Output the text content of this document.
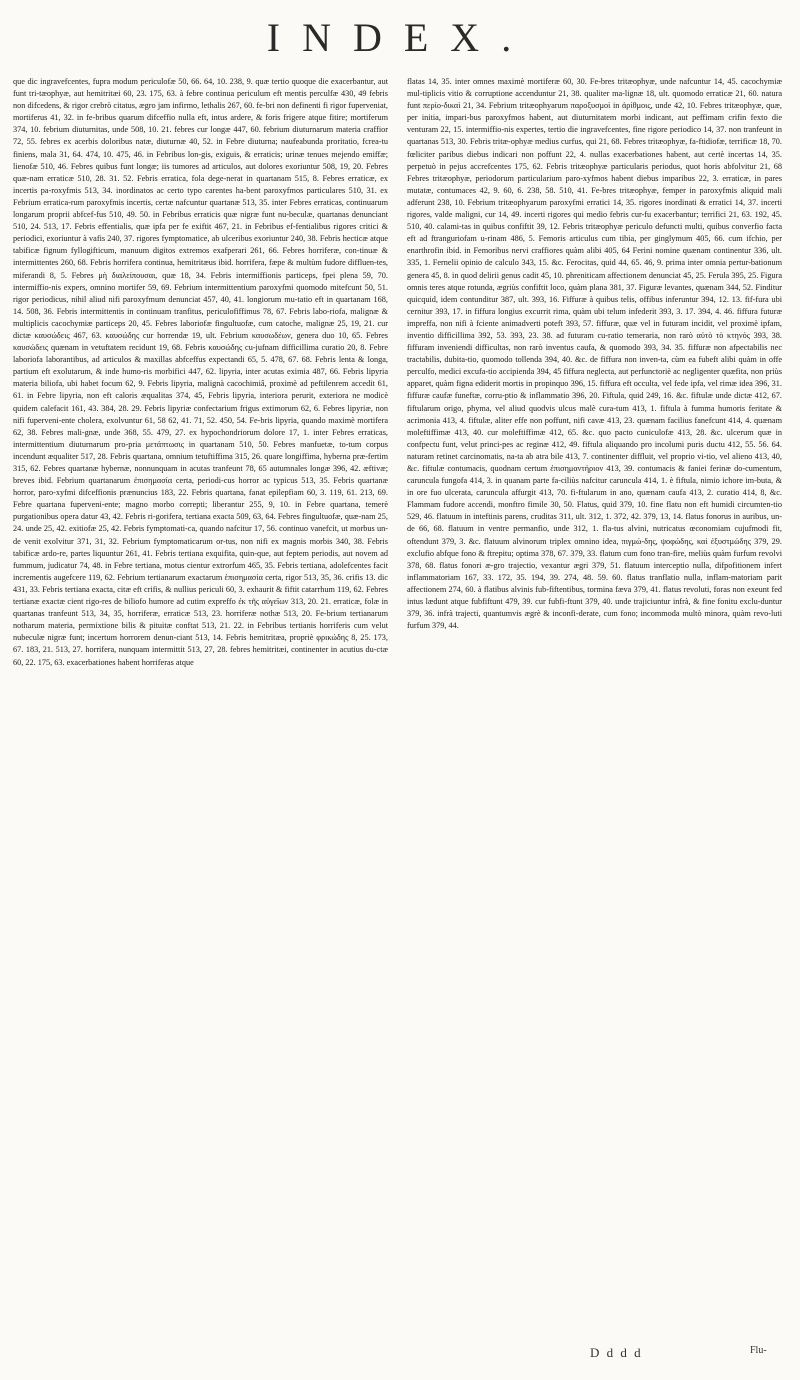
INDEX.

que dic ingravefcentes, fupra modum periculofæ 50, 66. 64, 10. 238, 9. quæ tertio quoque die exacerbantur, aut funt tri-tæophyæ, aut hemitritæi 60, 23. 175, 63. à febre continua periculum eft mentis perculfæ 430, 49 febris non difcedens, & rigor crebrò citatus, ægro jam infirmo, lethalis 267, 60. fe-bri non definenti fi rigor fuperveniat, mortiferus 41, 32. in fe-bribus quarum difceffio nulla eft, intus ardere, & foris frigere atque fitire; mortiferum 374, 10. febrium diuturnitas, unde 508, 10. 21. febres cur longæ 447, 60. febrium diuturnarum materia craffior 72, 55. febres ex acerbis doloribus natæ, diuturnæ 40, 52. in Febre diuturna; naufeabunda proritatio, fcrea-tu finiens, mala 31, 64. 474, 10. 475, 46. in Febribus lon-gis, exiguis, & erraticis; urinæ tenues mejendo emiffæ; lienofæ 510, 46. Febres quibus funt longæ; iis tumores ad articulos, aut dolores exoriuntur 508, 19, 20. Febres quæ-nam erraticæ 510, 28. 31. 52. Febris erratica, fola dege-nerat in quartanam 515, 8. Febres erraticæ, ex incertis pa-roxyfmis 513, 34. inordinatos ac certo typo carentes ha-bent paroxyfmos particulares 510, 31. ex Febrium erratica-rum paroxyfmis incertis, certæ nafcuntur quartanæ 513, 35. inter Febres erraticas, continuarum longarum proprii abfcef-fus 510, 49. 50. in Febribus erraticis quæ nigræ funt nu-beculæ, quartanas denunciant 510, 24. 513, 17. Febris effentialis, quæ ipfa per fe exiftit 467, 21. in Febribus ef-fentialibus rigores critici & periodici, exoriuntur à vafis 240, 37. rigores fymptomatice, ab ulceribus exoriuntur 240, 38. Febris hecticæ atque tabificæ fignum fyllogifticum, manuum digitos extremos exafperari 261, 66. Febres horriferæ, con-tinuæ & intermittentes 260, 68. Febris horrifera continua, hemitritæus ibid. horrifera, fæpe & multùm fudore diffluen-tes, miferandi 8, 5. Febres μὴ διαλείπουσαι, quæ 18, 34. Febris intermiffionis particeps, fpei plena 59, 70. intermiffio-nis expers, omnino mortifer 59, 69. Febrium intermittentium paroxyfmi quomodo mitefcunt 50, 51. rigor periodicus, nihil aliud nifi paroxyfmum denunciat 457, 40, 41. longiorum mu-tatio eft in quartanam 168, 14. 508, 36. Febris intermittentis in continuam tranfitus, periculofiffimus 78, 67. Febris labo-riofa, malignæ & multiplicis cacochymiæ particeps 20, 45. Febres laboriofæ fingultuofæ, cum catoche, malignæ 25, 19, 21. cur dictæ καυσώδεις 467, 63. καυσώδης cur horrendæ 19, ult. Febrium καυσωδέων, genera duo 10, 65. Febres καυσώδεις quænam in vetuftatem recidunt 19, 68. Febris καυσώδης cu-jufnam difficillima curatio 20, 8. Febre laboriofa laborantibus, ad articulos & maxillas abfceffus expectandi 65, 5. 478, 67. 68. Febris lenta & longa, partium eft exolutarum, & inde humo-ris morbifici 447, 62. lipyria, inter acutas eximia 487, 66. Febris lipyria materia biliofa, ubi habet focum 62, 9. Febris lipyria, malignà cacochimiâ, proximè ad peftilenrem accedit 61, 61. in Febre lipyria, non eft caloris æqualitas 374, 45, Febris lipyria, interiora perurit, exteriora ne modicè quidem calefacit 161, 43. 384, 28. 29. Febris lipyriæ confectarium frigus extimorum 62, 6. Febres lipyriæ, non nifi fuperveni-ente cholera, exolvuntur 61, 58 62, 41. 71, 52. 450, 54. Fe-bris lipyria, quando maximè mortifera 62, 38. Febres mali-gnæ, unde 368, 55. 479, 27. ex hypochondriorum dolore 17, 1. inter Febres erraticas, intermittentium diuturnarum pro-pria μετάπτωσις in quartanam 510, 50. Febres manfuetæ, to-tum corpus incendunt æqualiter 517, 28. Febris quartana, omnium tetuftiffima 315, 26. quare longiffima, hyberna præ-fertim 315, 62. Febres quartanæ hybernæ, nonnunquam in acutas tranfeunt 78, 65 autumnales longæ 396, 42. æftivæ; breves ibid. Febrium quartanarum ἐπισημασία certa, periodi-cus horror ac typicus 513, 35. Febris quartanæ horror, paro-xyfmi difceffionis prænuncius 183, 22. Febris quartana, fanat epilepfiam 60, 3. 119, 61. 213, 69. Febre quartana fuperveni-ente; magno morbo correpti; liberantur 255, 9, 10. in Febre quartana, temerè purgationibus opera datur 43, 42. Febris ri-gorifera, tertiana exacta 509, 63, 64. Febres fingultuofæ, quæ-nam 25, 24. unde 25, 42. exitiofæ 25, 42. Febris fymptomati-ca, quando nafcitur 17, 56. continuo vanefcit, ut morbus un-de venit exolvitur 371, 31, 32. Febrium fymptomaticarum or-tus, non nifi ex magnis morbis 340, 38. Febris tabificæ ardo-re, partes liquuntur 261, 41. Febris tertiana exquifita, quin-que, aut feptem periodis, aut novem ad fummum, judicatur 74, 48. in Febre tertiana, motus cientur extrorfum 465, 35. Febris tertiana, adolefcentes facit incrementis augefcere 119, 62. Febrium tertianarum exactarum ἐπισημασία certa, rigor 513, 35, 36. crifis 13. dic 431, 33. Febris tertiana exacta, citæ eft crifis, & nullius periculi 60, 3. exhaurit & fiftit catarrhum 119, 62. Febres tertianæ exactæ cient rigo-res de biliofo humore ad cutim expreffo ἐκ τῆς αὐγεῖων 313, 20. 21. erraticæ, folæ in quartanas tranfeunt 513, 34, 35, horriferæ, erraticæ 513, 23. horriferæ nothæ 513, 20. Fe-brium tertianarum notharum materia, permixtione bilis & pituitæ conftat 513, 21. 22. in Febribus tertianis horriferis cum velut nubeculæ nigræ funt; incertum horrorem denun-ciant 513, 14. Febris hemitritæa, propriè φρικώδης 8, 25. 173, 67. 183, 21. 513, 27. horrifera, nunquam intermittit 513, 27, 28. febres hemitritæi, continenter in acutius du-ctæ 60, 22. 175, 63. exacerbationes habent horriferas atque

flatas 14, 35. inter omnes maximè mortiferæ 60, 30. Fe-bres tritæophyæ, unde nafcuntur 14, 45. cacochymiæ mul-tiplicis vitio & corruptione accenduntur 21, 38. qualiter ma-lignæ 18, ult. quomodo erraticæ 21, 60. natura funt περίο-δικαὶ 21, 34. Febrium tritæophyarum παροξυσμοὶ in ἀρίθμοις, unde 42, 10. Febres tritæophyæ, quæ, per initia, impari-bus paroxyfmos habent, aut diuturnitatem morbi indicant, aut peffimam crifin fexto die venturam 22, 15. intermiffio-nis expertes, tertio die ingravefcentes, fine rigore periodico 14, 37. non tranfeunt in quartanas 513, 30. Febris tritæ-ophyæ medius curfus, qui 21, 68. Febres tritæophyæ, fa-ftidiofæ, terrificæ 18, 70. fœliciter paribus diebus indicari non poffunt 22, 4. nullas exacerbationes habent, aut certè incertas 14, 35. perpetuò in pejus accrefcentes 175, 62. Febris tritæophyæ particularis periodus, quot horis abfolvitur 21, 68 Febres tritæophyæ, periodorum particularium paro-xyfmos habent diebus imparibus 22, 3. erraticæ, in pares mutatæ, contumaces 42, 9. 60, 6. 238, 58. 510, 41. Fe-bres tritæophyæ, femper in paroxyfmis aliquid mali adferunt 238, 10. Febrium tritæophyarum paroxyfmi erratici 14, 35. rigores inordinati & erratici 14, 37. incerti rigores, valde maligni, cur 14, 49. incerti rigores qui medio febris cur-fu exacerbantur; terrifici 21, 63. 192, 45. 510, 40. calami-tas in quibus confiftit 39, 12. Febris tritæophyæ periculo defuncti multi, quibus converfio facta eft ad ftranguriofam u-rinam 486, 5. Femoris articulus cum tibia, per ginglymum 405, 66. cum ifchio, per enarthrofin ibid. in Femoribus nervi craffiores quàm alibi 405, 64 Ferini nomine quænam continentur 336, ult. 335, 1. Fernelii opinio de calculo 343, 15. &c. Ferocitas, quid 44, 65. 46, 9. prima inter omnia pertur-bationum genera 45, 8. in quod delirii genus cadit 45, 10. phreniticam affectionem denunciat 45, 25. Ferula 395, 25. Figura omnis teres atque rotunda, ægriùs confiftit loco, quàm plana 381, 37. Figuræ levantes, quænam 344, 52. Finditur quicquid, idem contunditur 387, ult. 393, 16. Fiffuræ à quibus telis, offibus inferuntur 394, 12. 13. fif-fura ubi cernitur 393, 17. in fiffura longius excurrit rima, quàm ubi telum infederit 393, 3. 17. 394, 4. 46. fiffura futuræ impreffa, non nifi à fciente animadverti poteft 393, 57. fiffuræ, quæ vel in futuram incidit, vel proximè ipfam, inventio difficillima 392, 53. 393, 23. 38. ad futuram cu-ratio temeraria, non rarò αὐτὸ τὸ κτηνός 393, 38. fiffuram inveniendi difficultas, non rarò inventus caufa, & quomodo 393, 34. 35. fiffuræ non afpectabilis nec tractabilis, dubita-tio, quomodo tollenda 394, 40. &c. de fiffura non inven-ta, cùm ea fubeft alibi quàm in offe perculfo, medici excufa-tio accipienda 394, 45 fiffura neglecta, aut perfunctoriè ac negligenter quæfita, non priùs apparet, quàm figna ediderit mortis in propinquo 396, 15. fiffura eft occulta, vel fede ipfa, vel rimæ idea 396, 31. fiffuræ caufæ funeftæ, corru-ptio & inflammatio 396, 20. Fiftula, quid 249, 16. &c. fiftulæ unde dictæ 412, 67. fiftularum origo, phyma, vel aliud quodvis ulcus malè cura-tum 413, 1. fiftula à fumma humoris feritate & acrimonia 413, 4. fiftulæ, aliter effe non poffunt, nifi cavæ 413, 23. quænam facilius fanefcunt 414, 4. quænam moleftiffimæ 413, 40. cur moleftiffimæ 412, 65. &c. quo pacto cuniculofæ 413, 28. &c. ulcerum quæ in confpectu funt, velut princi-pes ac reginæ 412, 49. fiftula aliquando pro incolumi puris ductu 412, 55. 56. 64. naturam retinet carcinomatis, na-ta ab atra bile 413, 7. continenter diffluit, vel proprio vi-tio, vel alieno 413, 40, &c. fiftulæ contumacis, quodnam certum ἐπισημαντήριον 413, 39. contumacis & faniei ferinæ do-cumentum, caruncula fungofa 414, 3. in quanam parte fa-ciliùs nafcitur caruncula 414, 1. è fiftula, nimio ichore im-buta, & in ore fuo ulcerata, caruncula affurgit 413, 70. fi-ftularum in ano, quænam caufa 413, 2. curatio 414, 8, &c. Flammam fudore accendi, monftro fimile 30, 50. Flatus, quid 379, 10. fine flatu non eft humidi circumten-tio 529, 46. flatuum in inteftinis parens, cruditas 311, ult. 312, 1. 372, 42. 379, 13, 14. flatus fonorus in auribus, un-de 66, 68. flatuum in ventre permanfio, unde 312, 1. fla-tus alvini, nutricatus œconomiam cujufmodi fit, oftendunt 379, 3. &c. flatuum alvinorum triplex omnino idea, πιγμώ-δης, ψοφώδης, καὶ ἐξυστμώδης 379, 29. exclufio abfque fono & ftrepitu; optima 378, 67. 379, 33. flatum cum fono tran-fire, meliùs quàm furfum revolvi 378, 68. flatus fonori æ-gro trajectio, vexantur ægri 379, 51. flatuum interceptio nulla, difpofitionem infert inflammatoriam 167, 33. 172, 35. 194, 39. 274, 48. 59. 60. flatus tranflatio nulla, inflam-matoriam parit affectionem 274, 60. à flatibus alvinis fub-fiftentibus, tormina fæva 379, 41. flatus revoluti, foras non exeunt fed intus lædunt atque fubfiftunt 479, 39. cur fubfi-ftunt 379, 40. unde trajiciuntur infrà, & fine fonitu exclu-duntur 379, 36. infrà trajecti, quantumvis ægrè & inconfi-derate, cum fono; incommoda multò minora, quàm revo-luti furfum 379, 44.

D d d d	Flu-
